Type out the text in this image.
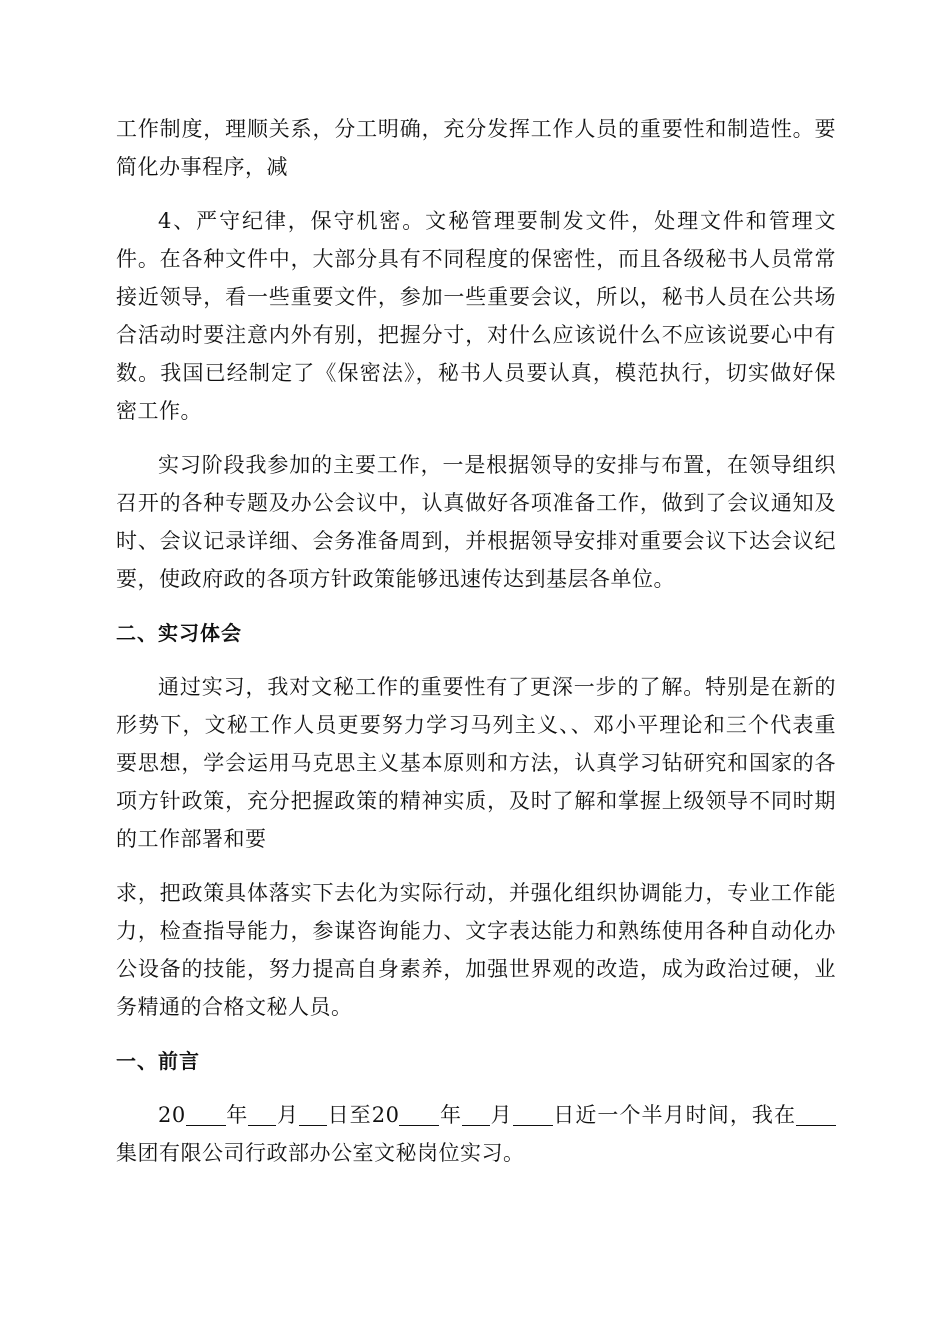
工作制度，理顺关系，分工明确，充分发挥工作人员的重要性和制造性。要简化办事程序，减

4、严守纪律，保守机密。文秘管理要制发文件，处理文件和管理文件。在各种文件中，大部分具有不同程度的保密性，而且各级秘书人员常常接近领导，看一些重要文件，参加一些重要会议，所以，秘书人员在公共场合活动时要注意内外有别，把握分寸，对什么应该说什么不应该说要心中有数。我国已经制定了《保密法》，秘书人员要认真，模范执行，切实做好保密工作。

实习阶段我参加的主要工作，一是根据领导的安排与布置，在领导组织召开的各种专题及办公会议中，认真做好各项准备工作，做到了会议通知及时、会议记录详细、会务准备周到，并根据领导安排对重要会议下达会议纪要，使政府政的各项方针政策能够迅速传达到基层各单位。

二、实习体会

通过实习，我对文秘工作的重要性有了更深一步的了解。特别是在新的形势下，文秘工作人员更要努力学习马列主义、、邓小平理论和三个代表重要思想，学会运用马克思主义基本原则和方法，认真学习钻研究和国家的各项方针政策，充分把握政策的精神实质，及时了解和掌握上级领导不同时期的工作部署和要

求，把政策具体落实下去化为实际行动，并强化组织协调能力，专业工作能力，检查指导能力，参谋咨询能力、文字表达能力和熟练使用各种自动化办公设备的技能，努力提高自身素养，加强世界观的改造，成为政治过硬，业务精通的合格文秘人员。

一、前言

20 年 月 日至20 年 月 日近一个半月时间，我在集团有限公司行政部办公室文秘岗位实习。
